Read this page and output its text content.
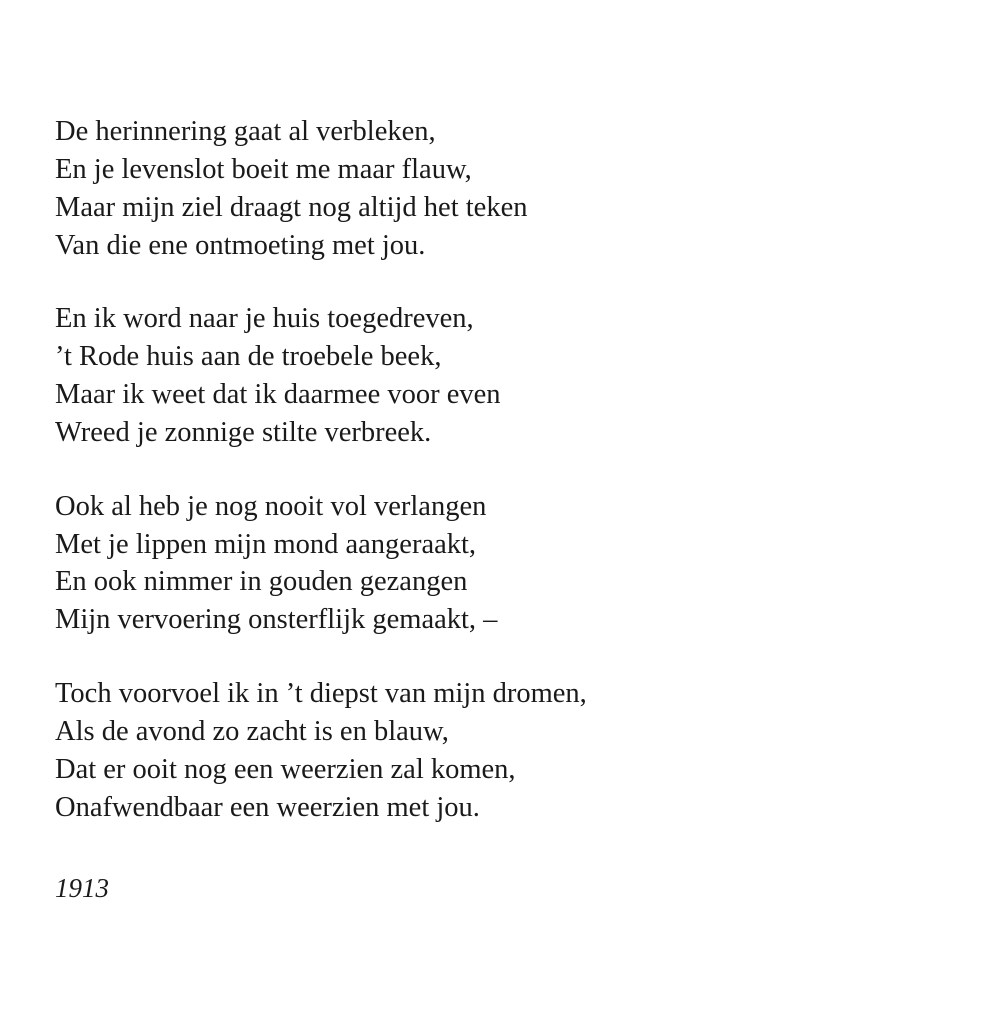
De herinnering gaat al verbleken,
En je levenslot boeit me maar flauw,
Maar mijn ziel draagt nog altijd het teken
Van die ene ontmoeting met jou.
En ik word naar je huis toegedreven,
’t Rode huis aan de troebele beek,
Maar ik weet dat ik daarmee voor even
Wreed je zonnige stilte verbreek.
Ook al heb je nog nooit vol verlangen
Met je lippen mijn mond aangeraakt,
En ook nimmer in gouden gezangen
Mijn vervoering onsterflijk gemaakt, –
Toch voorvoel ik in ’t diepst van mijn dromen,
Als de avond zo zacht is en blauw,
Dat er ooit nog een weerzien zal komen,
Onafwendbaar een weerzien met jou.
1913
